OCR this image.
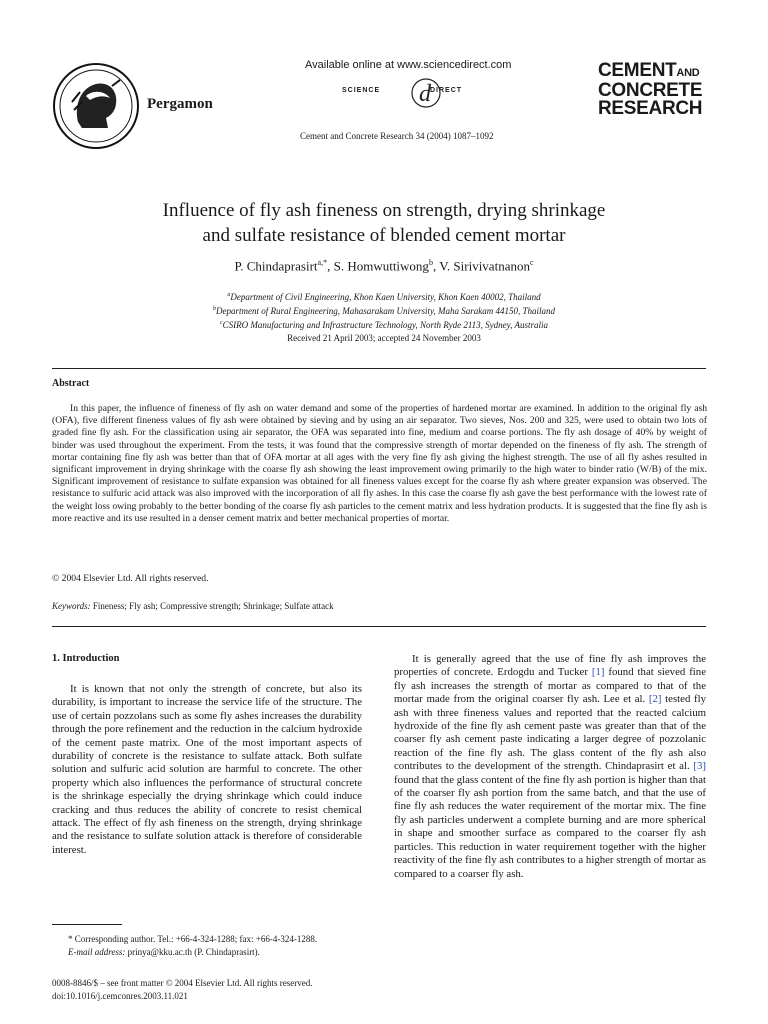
Pergamon
Available online at www.sciencedirect.com
d
SCIENCE	DIRECT
Cement and Concrete Research 34 (2004) 1087–1092
CEMENTAND
CONCRETE
RESEARCH
Influence of fly ash fineness on strength, drying shrinkage
and sulfate resistance of blended cement mortar
P. Chindaprasirt$^{a,*}$, S. Homwuttiwong$^b$, V. Sirivivatnanon$^c$
$^a$Department of Civil Engineering, Khon Kaen University, Khon Kaen 40002, Thailand
$^b$Department of Rural Engineering, Mahasarakam University, Maha Sarakam 44150, Thailand
$^c$CSIRO Manufacturing and Infrastructure Technology, North Ryde 2113, Sydney, Australia
Received 21 April 2003; accepted 24 November 2003
Abstract
In this paper, the influence of fineness of fly ash on water demand and some of the properties of hardened mortar are examined. In addition to the original fly ash (OFA), five different fineness values of fly ash were obtained by sieving and by using an air separator. Two sieves, Nos. 200 and 325, were used to obtain two lots of graded fine fly ash. For the classification using air separator, the OFA was separated into fine, medium and coarse portions. The fly ash dosage of 40% by weight of binder was used throughout the experiment. From the tests, it was found that the compressive strength of mortar depended on the fineness of fly ash. The strength of mortar containing fine fly ash was better than that of OFA mortar at all ages with the very fine fly ash giving the highest strength. The use of all fly ashes resulted in significant improvement in drying shrinkage with the coarse fly ash showing the least improvement owing primarily to the high water to binder ratio (W/B) of the mix. Significant improvement of resistance to sulfate expansion was obtained for all fineness values except for the coarse fly ash where greater expansion was observed. The resistance to sulfuric acid attack was also improved with the incorporation of all fly ashes. In this case the coarse fly ash gave the best performance with the lowest rate of the weight loss owing probably to the better bonding of the coarse fly ash particles to the cement matrix and less hydration products. It is suggested that the fine fly ash is more reactive and its use resulted in a denser cement matrix and better mechanical properties of mortar.
© 2004 Elsevier Ltd. All rights reserved.
Keywords: Fineness; Fly ash; Compressive strength; Shrinkage; Sulfate attack
1. Introduction

It is known that not only the strength of concrete, but also its durability, is important to increase the service life of the structure. The use of certain pozzolans such as some fly ashes increases the durability through the pore refinement and the reduction in the calcium hydroxide of the cement paste matrix. One of the most important aspects of durability of concrete is the resistance to sulfate attack. Both sulfate solution and sulfuric acid solution are harmful to concrete. The other property which also influences the performance of structural concrete is the shrinkage especially the drying shrinkage which could induce cracking and thus reduces the ability of concrete to resist chemical attack. The effect of fly ash fineness on the strength, drying shrinkage and the resistance to sulfate solution attack is therefore of considerable interest.

It is generally agreed that the use of fine fly ash improves the properties of concrete. Erdogdu and Tucker [1] found that sieved fine fly ash increases the strength of mortar as compared to that of the mortar made from the original coarser fly ash. Lee et al. [2] tested fly ash with three fineness values and reported that the reacted calcium hydroxide of the fine fly ash cement paste was greater than that of the coarser fly ash cement paste indicating a larger degree of pozzolanic reaction of the fine fly ash. The glass content of the fly ash also contributes to the development of the strength. Chindaprasirt et al. [3] found that the glass content of the fine fly ash portion is higher than that of the coarser fly ash portion from the same batch, and that the use of fine fly ash reduces the water requirement of the mortar mix. The fine fly ash particles underwent a complete burning and are more spherical in shape and smoother surface as compared to the coarser fly ash particles. This reduction in water requirement together with the higher reactivity of the fine fly ash contributes to a higher strength of mortar as compared to a coarser fly ash.

* Corresponding author. Tel.: +66-4-324-1288; fax: +66-4-324-1288.
E-mail address: prinya@kku.ac.th (P. Chindaprasirt).
0008-8846/$ – see front matter © 2004 Elsevier Ltd. All rights reserved.
doi:10.1016/j.cemconres.2003.11.021
